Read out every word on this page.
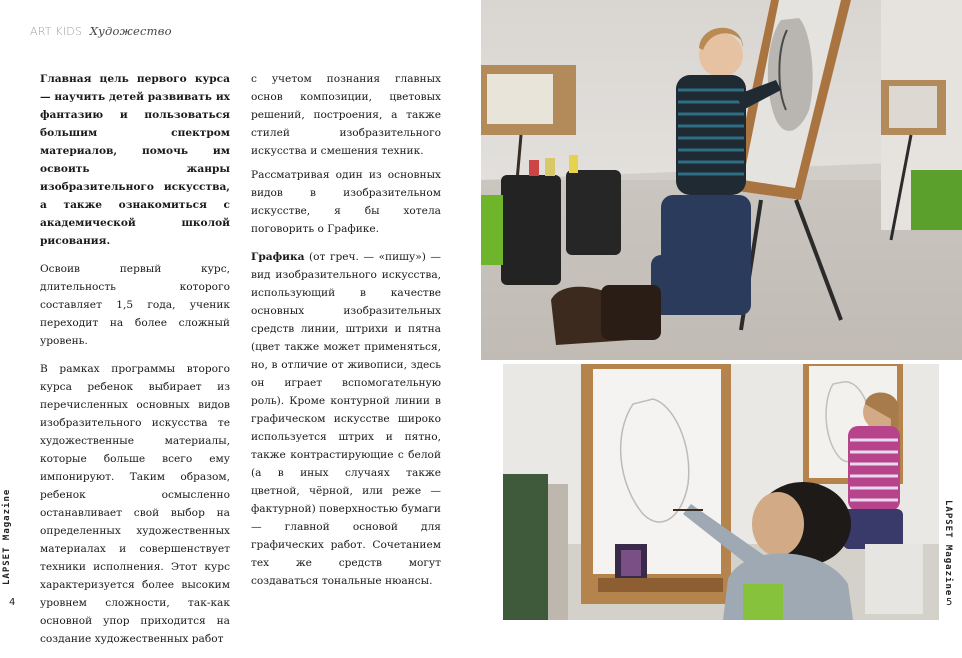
ART KIDS Художество

Главная цель первого курса — научить детей развивать их фантазию и пользоваться большим спектром материалов, помочь им освоить жанры изобразительного искусства, а также ознакомиться с академической школой рисования.

Освоив первый курс, длительность которого составляет 1,5 года, ученик переходит на более сложный уровень.

В рамках программы второго курса ребенок выбирает из перечисленных основных видов изобразительного искусства те художественные материалы, которые больше всего ему импонируют. Таким образом, ребенок осмысленно останавливает свой выбор на определенных художественных материалах и совершенствует техники исполнения. Этот курс характеризуется более высоким уровнем сложности, так-как основной упор приходится на создание художественных работ

с учетом познания главных основ композиции, цветовых решений, построения, а также стилей изобразительного искусства и смешения техник.

Рассматривая один из основных видов в изобразительном искусстве, я бы хотела поговорить о Графике.

Графика (от греч. — «пишу») — вид изобразительного искусства, использующий в качестве основных изобразительных средств линии, штрихи и пятна (цвет также может применяться, но, в отличие от живописи, здесь он играет вспомогательную роль). Кроме контурной линии в графическом искусстве широко используется штрих и пятно, также контрастирующие с белой (а в иных случаях также цветной, чёрной, или реже — фактурной) поверхностью бумаги — главной основой для графических работ. Сочетанием тех же средств могут создаваться тональные нюансы.

LAPSET Magazine
4
LAPSET Magazine
5
